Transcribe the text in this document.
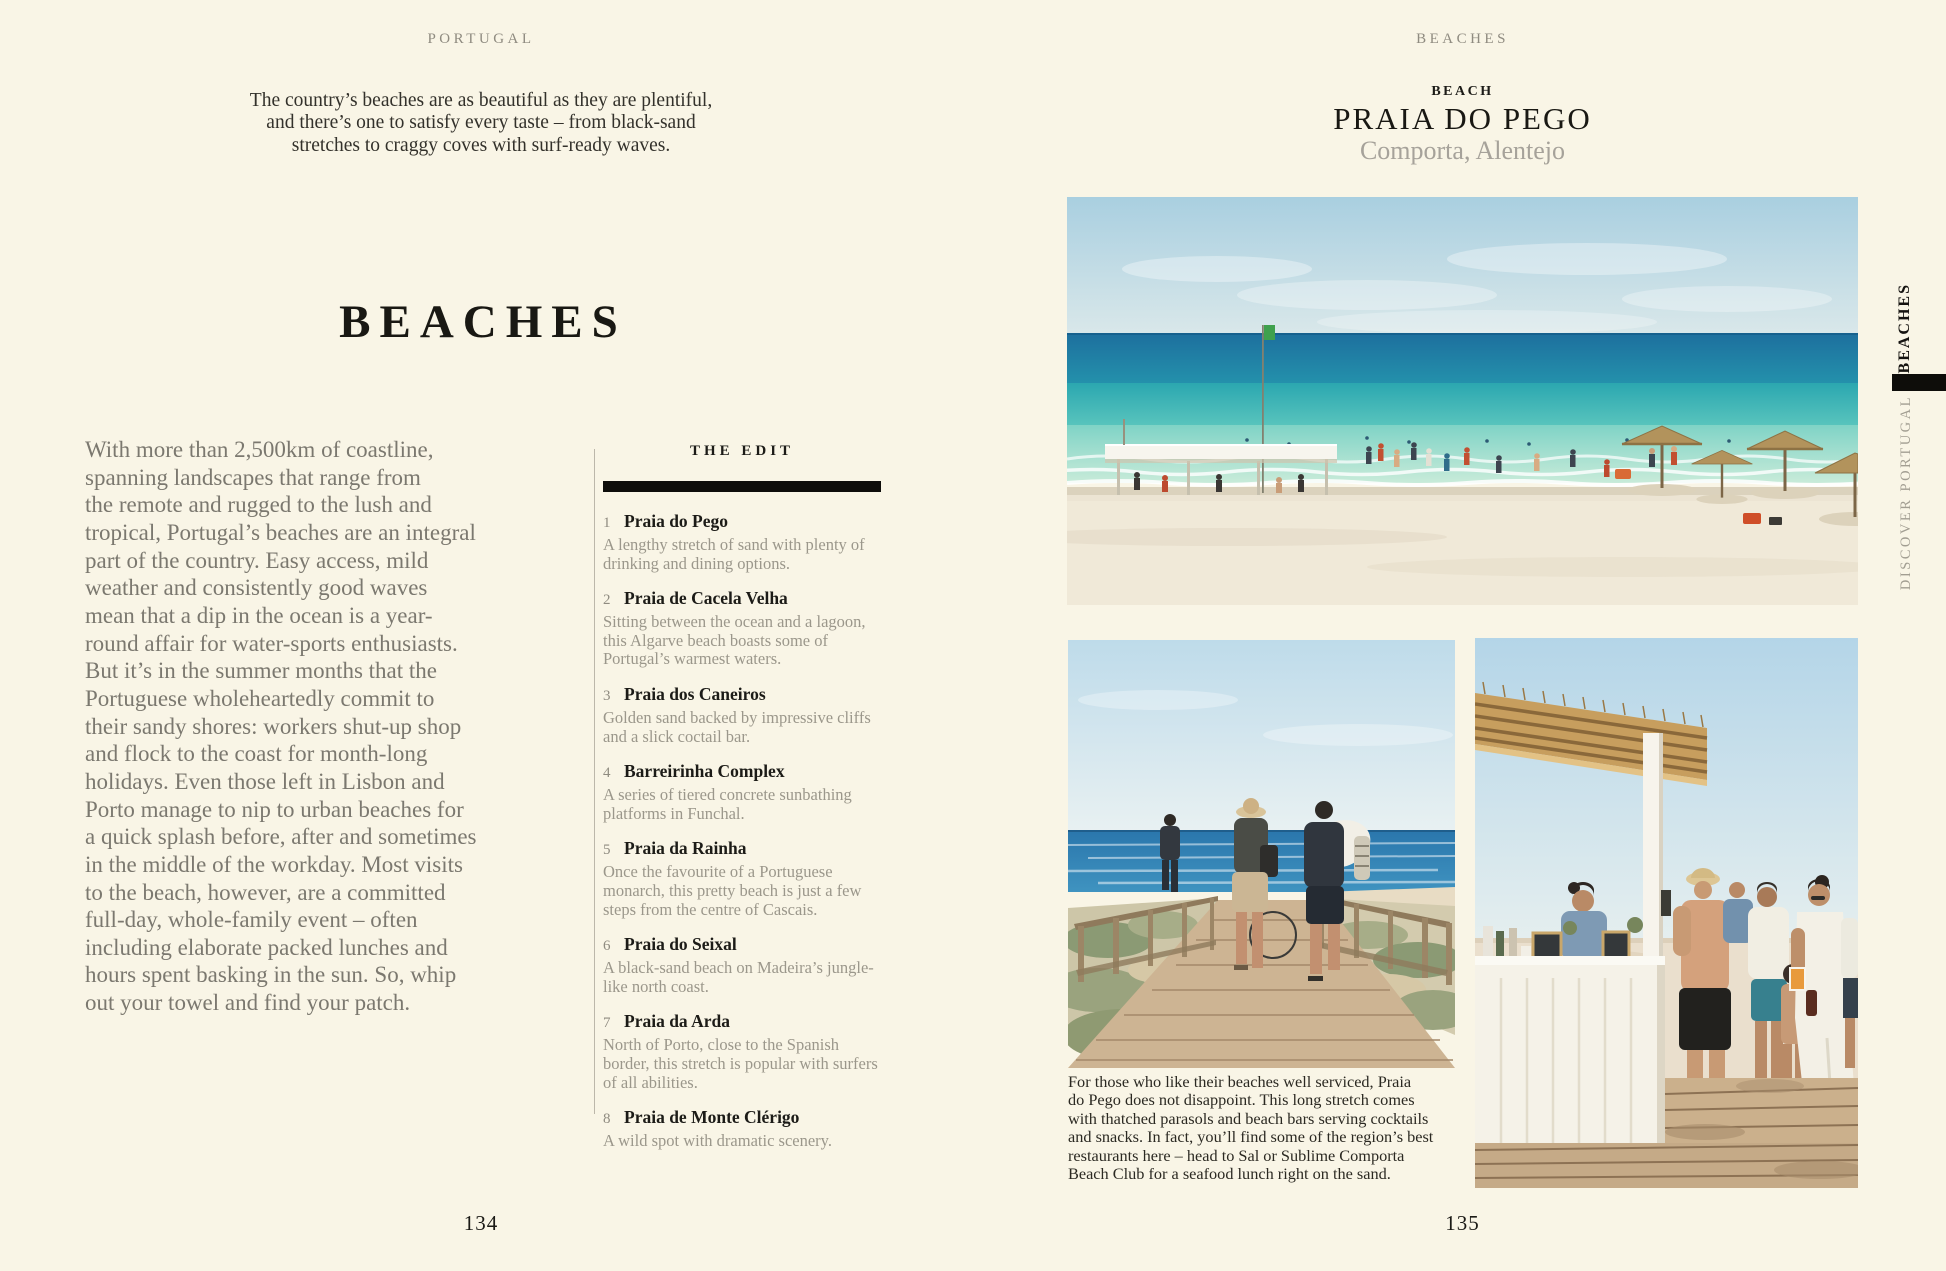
PORTUGAL
The country’s beaches are as beautiful as they are plentiful,
and there’s one to satisfy every taste – from black-sand
stretches to craggy coves with surf-ready waves.
BEACHES
With more than 2,500km of coastline,
spanning landscapes that range from
the remote and rugged to the lush and
tropical, Portugal’s beaches are an integral
part of the country. Easy access, mild
weather and consistently good waves
mean that a dip in the ocean is a year-
round affair for water-sports enthusiasts.
But it’s in the summer months that the
Portuguese wholeheartedly commit to
their sandy shores: workers shut-up shop
and flock to the coast for month-long
holidays. Even those left in Lisbon and
Porto manage to nip to urban beaches for
a quick splash before, after and sometimes
in the middle of the workday. Most visits
to the beach, however, are a committed
full-day, whole-family event – often
including elaborate packed lunches and
hours spent basking in the sun. So, whip
out your towel and find your patch.
THE EDIT
1 Praia do Pego
A lengthy stretch of sand with plenty of drinking and dining options.
2 Praia de Cacela Velha
Sitting between the ocean and a lagoon, this Algarve beach boasts some of Portugal’s warmest waters.
3 Praia dos Caneiros
Golden sand backed by impressive cliffs and a slick coctail bar.
4 Barreirinha Complex
A series of tiered concrete sunbathing platforms in Funchal.
5 Praia da Rainha
Once the favourite of a Portuguese monarch, this pretty beach is just a few steps from the centre of Cascais.
6 Praia do Seixal
A black-sand beach on Madeira’s jungle-like north coast.
7 Praia da Arda
North of Porto, close to the Spanish border, this stretch is popular with surfers of all abilities.
8 Praia de Monte Clérigo
A wild spot with dramatic scenery.
134
BEACHES
BEACH
PRAIA DO PEGO
Comporta, Alentejo
For those who like their beaches well serviced, Praia
do Pego does not disappoint. This long stretch comes
with thatched parasols and beach bars serving cocktails
and snacks. In fact, you’ll find some of the region’s best
restaurants here – head to Sal or Sublime Comporta
Beach Club for a seafood lunch right on the sand.
135
BEACHES
DISCOVER PORTUGAL
